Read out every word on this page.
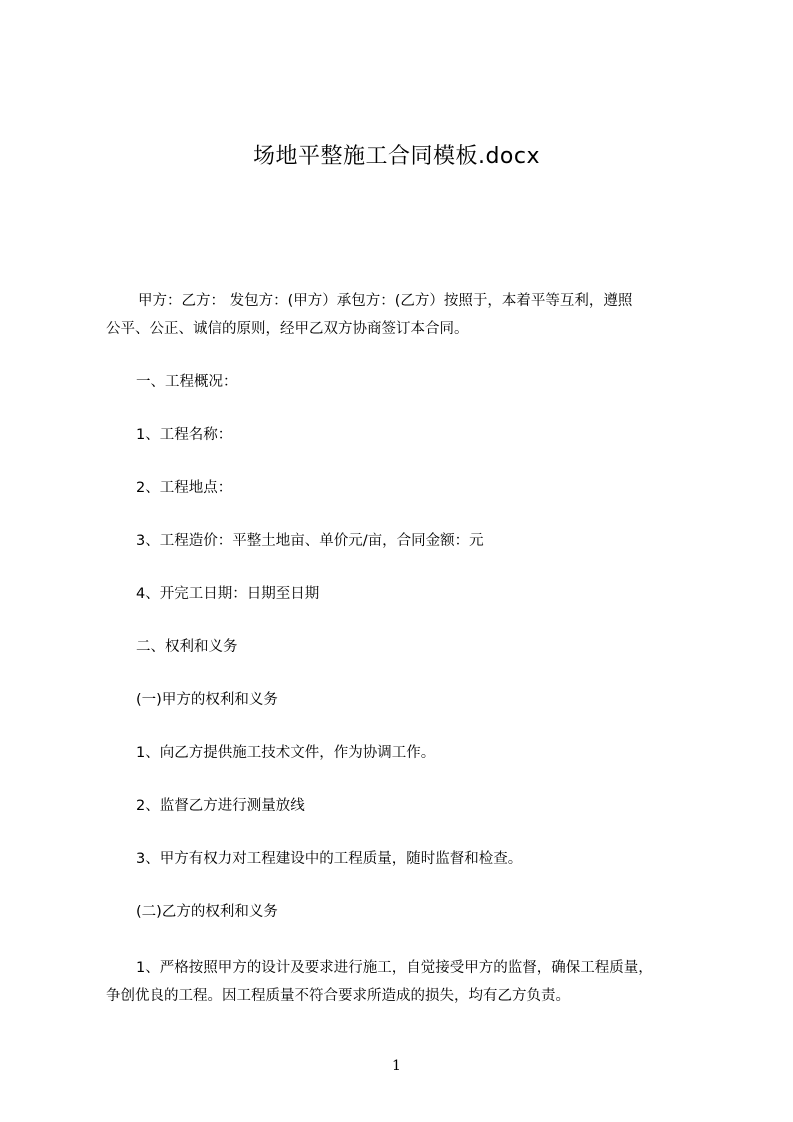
场地平整施工合同模板.docx
甲方：乙方： 发包方：(甲方）承包方：(乙方）按照于，本着平等互利，遵照
公平、公正、诚信的原则，经甲乙双方协商签订本合同。
一、工程概况：
1、工程名称：
2、工程地点：
3、工程造价：平整土地亩、单价元/亩，合同金额：元
4、开完工日期：日期至日期
二、权利和义务
(一)甲方的权利和义务
1、向乙方提供施工技术文件，作为协调工作。
2、监督乙方进行测量放线
3、甲方有权力对工程建设中的工程质量，随时监督和检查。
(二)乙方的权利和义务
1、严格按照甲方的设计及要求进行施工，自觉接受甲方的监督，确保工程质量，
争创优良的工程。因工程质量不符合要求所造成的损失，均有乙方负责。
1
